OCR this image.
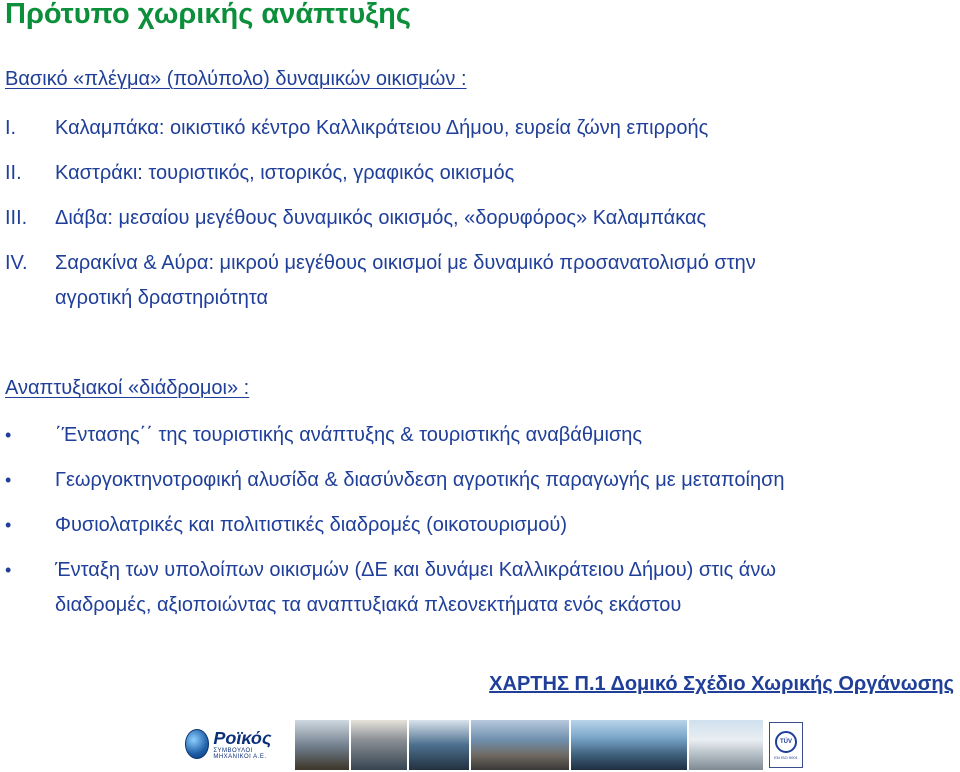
Πρότυπο χωρικής ανάπτυξης
Βασικό «πλέγμα» (πολύπολο) δυναμικών οικισμών :
I.	Καλαμπάκα: οικιστικό κέντρο Καλλικράτειου Δήμου, ευρεία ζώνη επιρροής
II.	Καστράκι: τουριστικός, ιστορικός, γραφικός οικισμός
III.	Διάβα: μεσαίου μεγέθους δυναμικός οικισμός, «δορυφόρος» Καλαμπάκας
IV.	Σαρακίνα & Αύρα: μικρού μεγέθους οικισμοί με δυναμικό προσανατολισμό στην
αγροτική δραστηριότητα
Αναπτυξιακοί «διάδρομοι» :
•	΄Έντασης΄΄ της τουριστικής ανάπτυξης & τουριστικής αναβάθμισης
•	Γεωργοκτηνοτροφική αλυσίδα & διασύνδεση αγροτικής παραγωγής με μεταποίηση
•	Φυσιολατρικές και πολιτιστικές διαδρομές (οικοτουρισμού)
•	Ένταξη των υπολοίπων οικισμών (ΔΕ και δυνάμει Καλλικράτειου Δήμου) στις άνω
διαδρομές, αξιοποιώντας τα αναπτυξιακά πλεονεκτήματα ενός εκάστου
ΧΑΡΤΗΣ Π.1 Δομικό Σχέδιο Χωρικής Οργάνωσης
Ροϊκός
ΣΥΜΒΟΥΛΟΙ ΜΗΧΑΝΙΚΟΙ Α.Ε.
TÜV
EN ISO 9001
